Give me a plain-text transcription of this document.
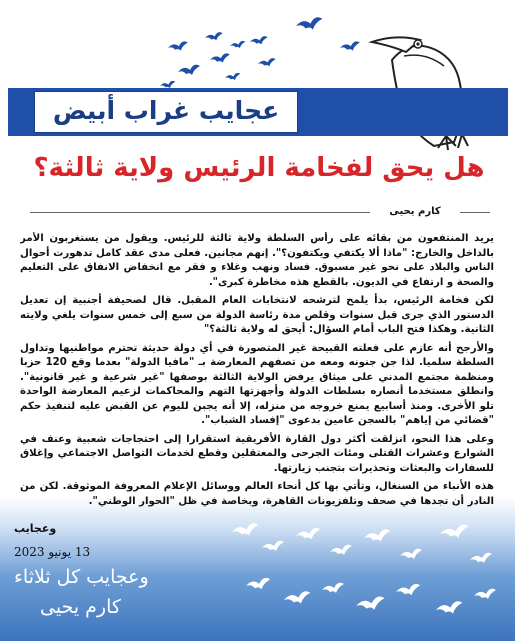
عجايب غراب أبيض
هل يحق لفخامة الرئيس ولاية ثالثة؟
كارم يحيى

يريد المنتفعون من بقائه على رأس السلطة ولاية ثالثة للرئيس. ويقول من يستغربون الأمر بالداخل والخارج: "ماذا ألا يكتفي ويكتفون؟". إنهم مجانين. فعلى مدى عقد كامل تدهورت أحوال الناس والبلاد على نحو غير مسبوق. فساد ونهب وغلاء و فقر مع انخفاض الانفاق على التعليم والصحة و ارتفاع في الديون. بالقطع هذه مخاطرة كبرى".

لكن فخامة الرئيس، بدأ يلمح لترشحه لانتخابات العام المقبل. قال لصحيفة أجنبية إن تعديل الدستور الذي جرى قبل سنوات وقلص مدة رئاسة الدولة من سبع إلى خمس سنوات يلغي ولايته الثانية. وهكذا فتح الباب أمام السؤال: أيحق له ولاية ثالثة؟"

والأرجح أنه عازم على فعلته القبيحة غير المتصورة في أي دولة حديثة تحترم مواطنيها وتداول السلطة سلميا. لذا جن جنونه ومعه من تصفهم المعارضة بـ "مافيا الدولة" بعدما وقع 120 حزبا ومنظمة مجتمع المدني على ميثاق يرفض الولاية الثالثة بوصفها "غير شرعية و غير قانونية". وانطلق مستخدما أنصاره بسلطات الدولة وأجهزتها التهم والمحاكمات لزعيم المعارضة الواحدة تلو الأخرى. ومنذ أسابيع يمنع خروجه من منزله، إلا أنه يجبن لليوم عن القبض عليه لتنفيذ حكم "قضائي من إياهم" بالسجن عامين بدعوى "إفساد الشباب".

وعلى هذا النحو، انزلقت أكثر دول القارة الأفريقية استقرارا إلى احتجاجات شعبية وعنف في الشوارع وعشرات القتلى ومئات الجرحى والمعتقلين وقطع لخدمات التواصل الاجتماعي وإغلاق للسفارات والبعثات وتحذيرات بتجنب زيارتها.

هذه الأنباء من السنغال، وتأتي بها كل أنحاء العالم ووسائل الإعلام المعروفة الموثوقة. لكن من النادر أن تجدها في صحف وتلفزيونات القاهرة، وبخاصة في ظل "الحوار الوطني".

وعجايب
13 يونيو 2023
وعجايب كل ثلاثاء
كارم يحيى
